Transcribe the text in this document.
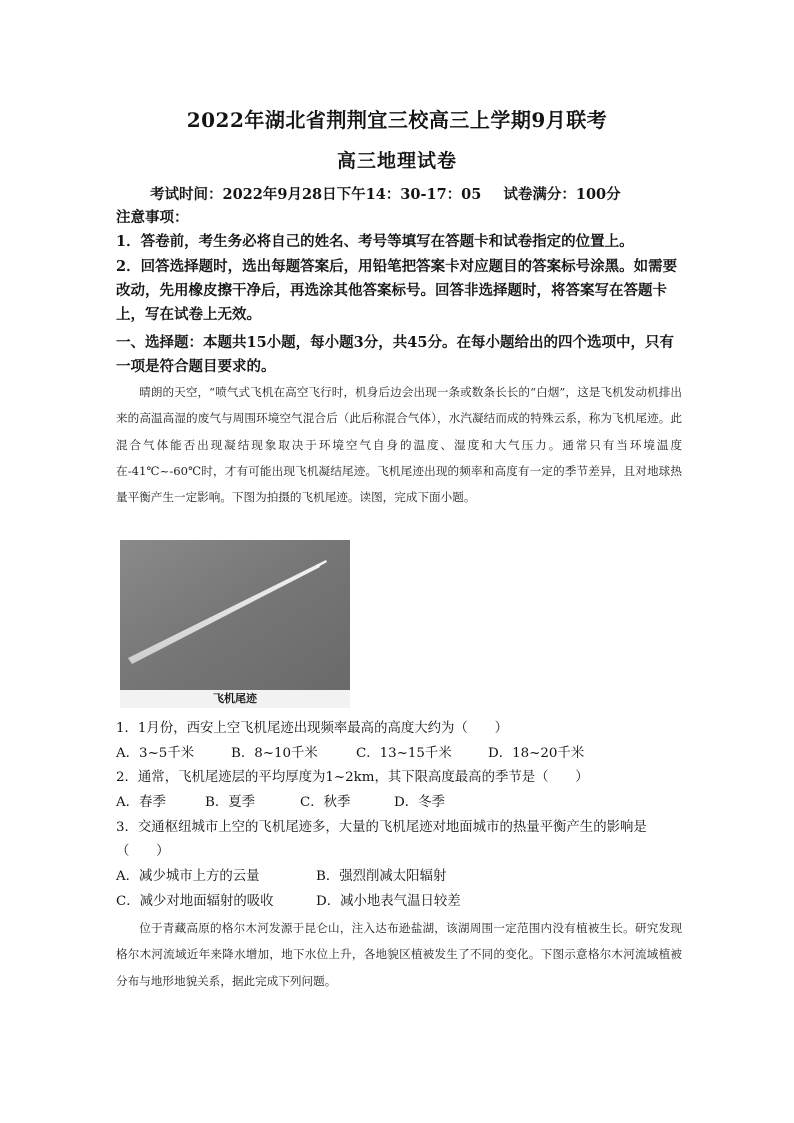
2022年湖北省荆荆宜三校高三上学期9月联考
高三地理试卷
考试时间：2022年9月28日下午14：30-17：05 试卷满分：100分

注意事项：

1．答卷前，考生务必将自己的姓名、考号等填写在答题卡和试卷指定的位置上。

2．回答选择题时，选出每题答案后，用铅笔把答案卡对应题目的答案标号涂黑。如需要改动，先用橡皮擦干净后，再选涂其他答案标号。回答非选择题时，将答案写在答题卡上，写在试卷上无效。

一、选择题：本题共15小题，每小题3分，共45分。在每小题给出的四个选项中，只有一项是符合题目要求的。
晴朗的天空，“喷气式飞机在高空飞行时，机身后边会出现一条或数条长长的“白烟”，这是飞机发动机排出来的高温高湿的废气与周围环境空气混合后（此后称混合气体），水汽凝结而成的特殊云系，称为飞机尾迹。此混合气体能否出现凝结现象取决于环境空气自身的温度、湿度和大气压力。通常只有当环境温度在-41℃~-60℃时，才有可能出现飞机凝结尾迹。飞机尾迹出现的频率和高度有一定的季节差异，且对地球热量平衡产生一定影响。下图为拍摄的飞机尾迹。读图，完成下面小题。
飞机尾迹
1．1月份，西安上空飞机尾迹出现频率最高的高度大约为（　　）
A．3~5千米	B．8~10千米	C．13~15千米	D．18~20千米
2．通常，飞机尾迹层的平均厚度为1~2km，其下限高度最高的季节是（　　）
A．春季	B．夏季	C．秋季	D．冬季
3．交通枢纽城市上空的飞机尾迹多，大量的飞机尾迹对地面城市的热量平衡产生的影响是
（　　）
A．减少城市上方的云量	B．强烈削减太阳辐射
C．减少对地面辐射的吸收	D．减小地表气温日较差
位于青藏高原的格尔木河发源于昆仑山，注入达布逊盐湖，该湖周围一定范围内没有植被生长。研究发现格尔木河流域近年来降水增加，地下水位上升，各地貌区植被发生了不同的变化。下图示意格尔木河流域植被分布与地形地貌关系，据此完成下列问题。
